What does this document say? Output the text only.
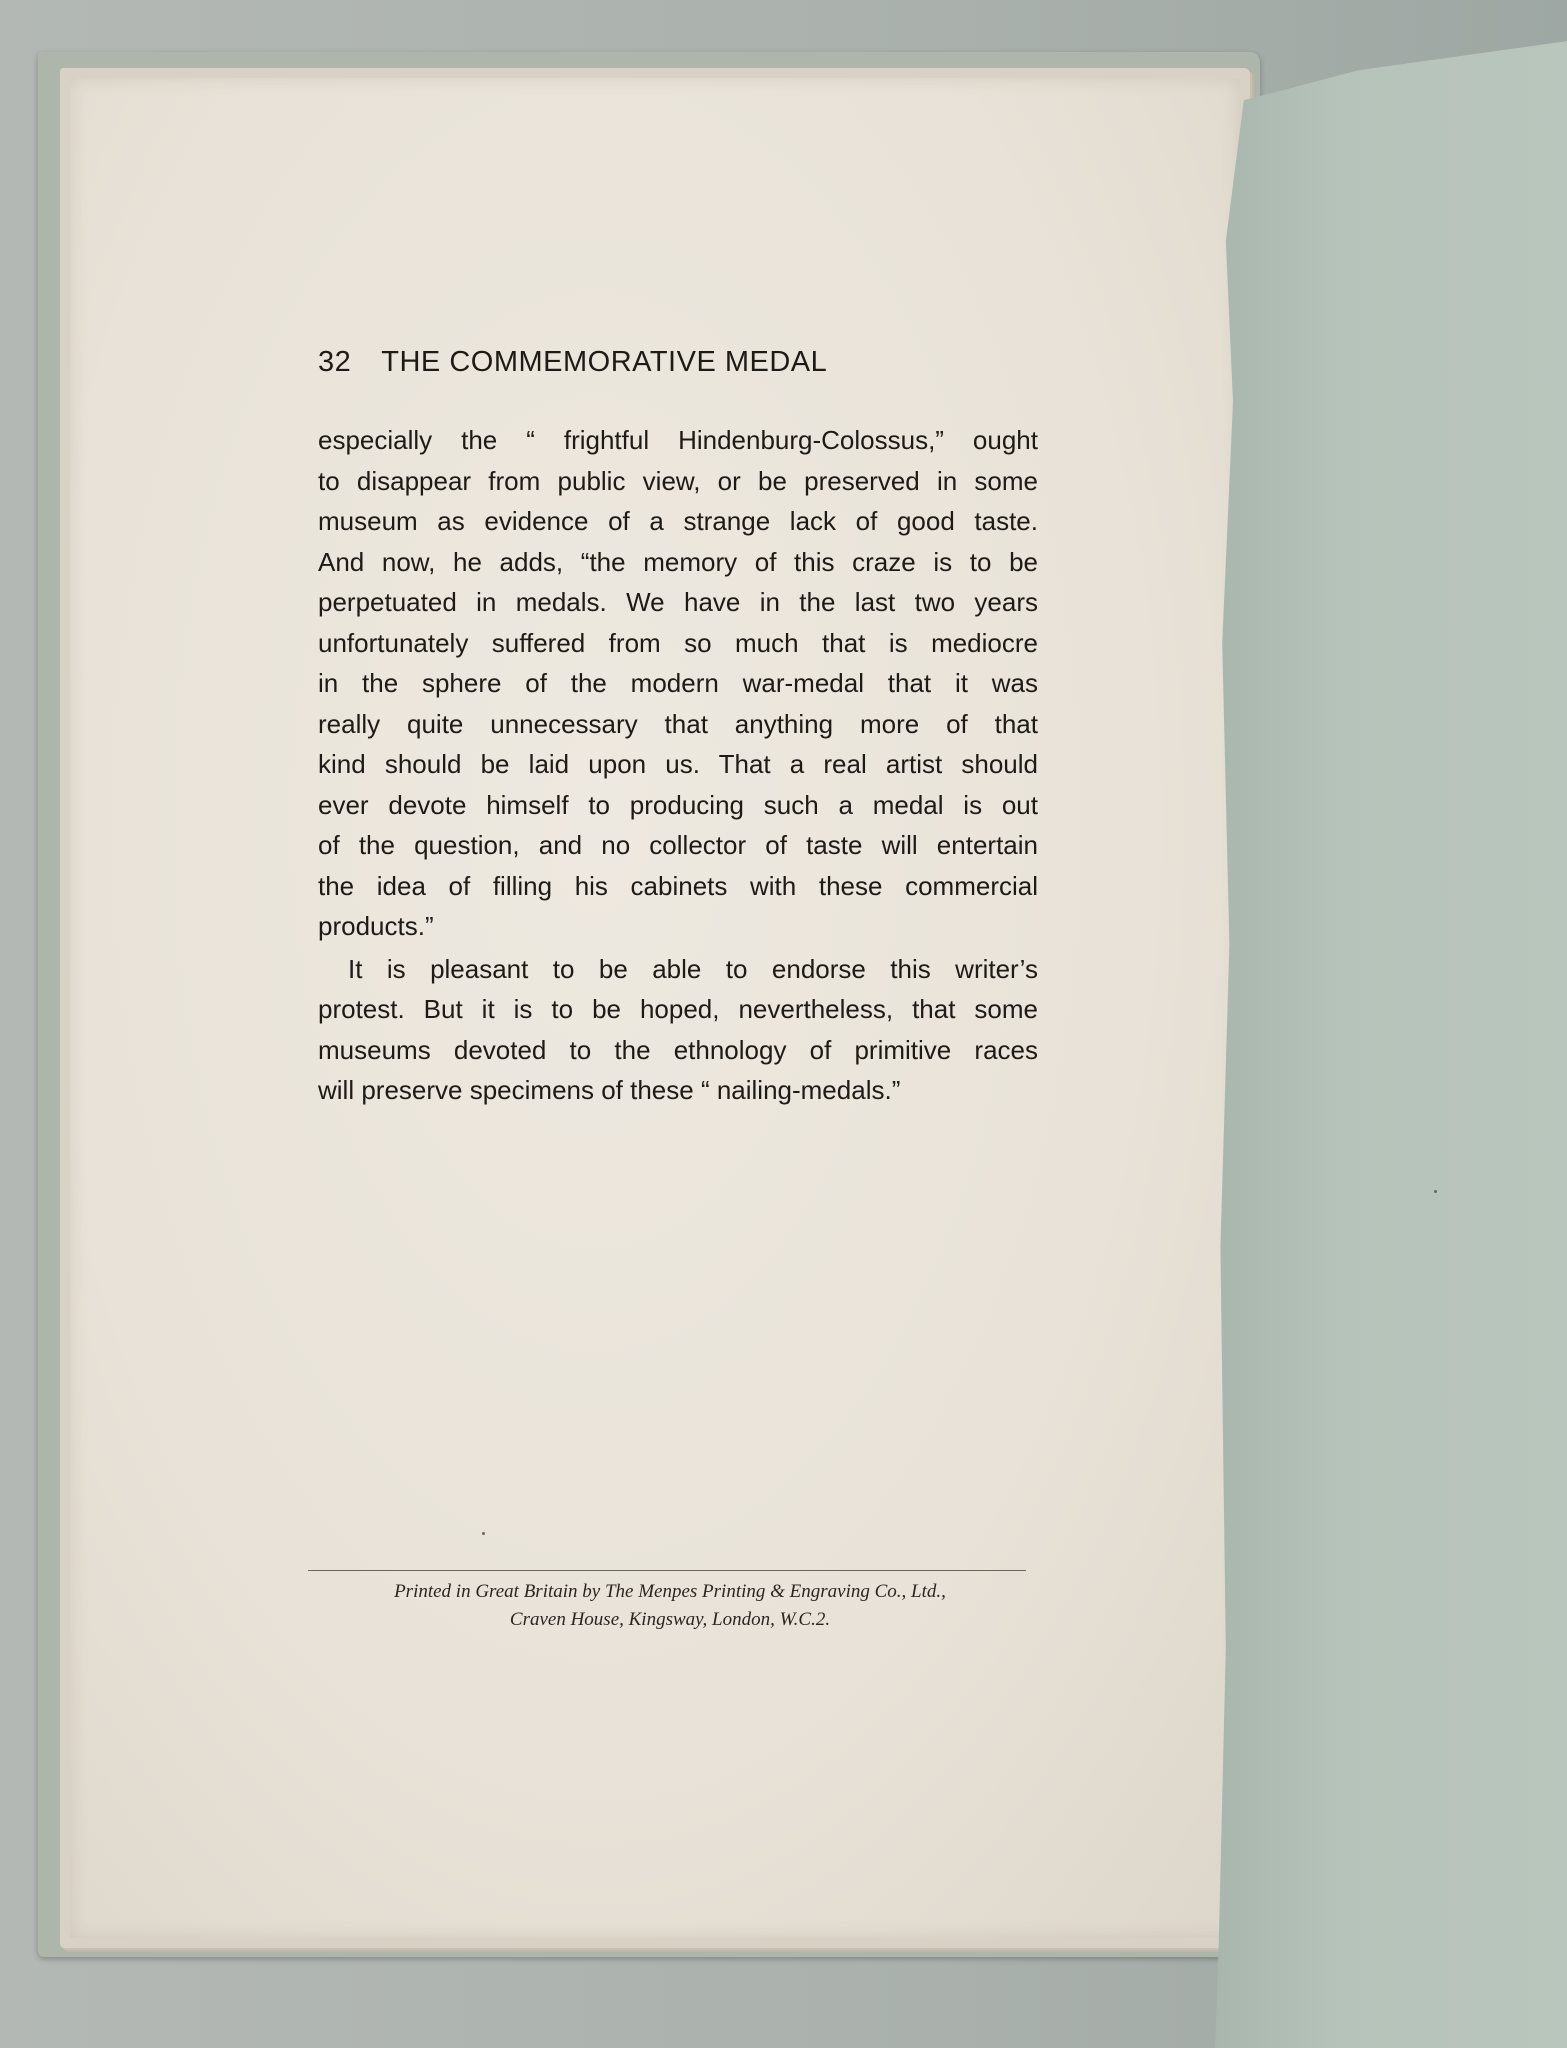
32 THE COMMEMORATIVE MEDAL
especially the “ frightful Hindenburg-Colossus,” ought
to disappear from public view, or be preserved in some
museum as evidence of a strange lack of good taste.
And now, he adds, “the memory of this craze is to be
perpetuated in medals. We have in the last two years
unfortunately suffered from so much that is mediocre
in the sphere of the modern war-medal that it was
really quite unnecessary that anything more of that
kind should be laid upon us. That a real artist should
ever devote himself to producing such a medal is out
of the question, and no collector of taste will entertain
the idea of filling his cabinets with these commercial
products.”
It is pleasant to be able to endorse this writer’s
protest. But it is to be hoped, nevertheless, that some
museums devoted to the ethnology of primitive races
will preserve specimens of these “ nailing-medals.”
Printed in Great Britain by The Menpes Printing & Engraving Co., Ltd.,
Craven House, Kingsway, London, W.C.2.
